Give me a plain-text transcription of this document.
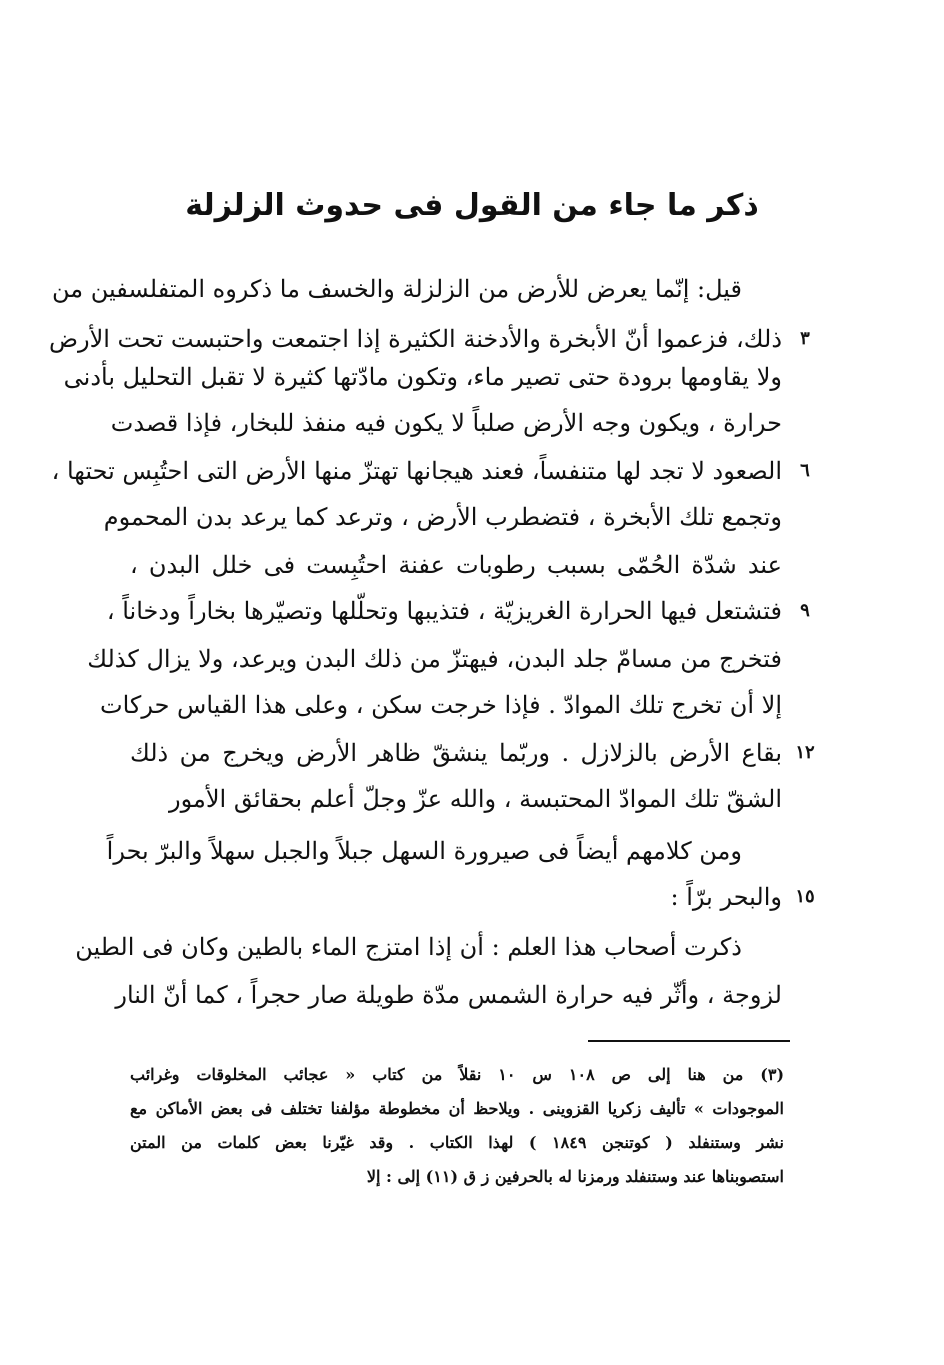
ذكر ما جاء من القول فى حدوث الزلزلة
قيل: إنّما يعرض للأرض من الزلزلة والخسف ما ذكروه المتفلسفين من
ذلك، فزعموا أنّ الأبخرة والأدخنة الكثيرة إذا اجتمعت واحتبست تحت الأرض	٣
ولا يقاومها برودة حتى تصير ماء، وتكون مادّتها كثيرة لا تقبل التحليل بأدنى
حرارة ، ويكون وجه الأرض صلباً لا يكون فيه منفذ للبخار، فإذا قصدت
الصعود لا تجد لها متنفساً، فعند هيجانها تهتزّ منها الأرض التى احتُبِس تحتها ،	٦
وتجمع تلك الأبخرة ، فتضطرب الأرض ، وترعد كما يرعد بدن المحموم
عند شدّة الحُمّى بسبب رطوبات عفنة احتُبِست فى خلل البدن ،
فتشتعل فيها الحرارة الغريزيّة ، فتذيبها وتحلّلها وتصيّرها بخاراً ودخاناً ،	٩
فتخرج من مسامّ جلد البدن، فيهتزّ من ذلك البدن ويرعد، ولا يزال كذلك
إلا أن تخرج تلك الموادّ . فإذا خرجت سكن ، وعلى هذا القياس حركات
بقاع الأرض بالزلازل . وربّما ينشقّ ظاهر الأرض ويخرج من ذلك ١٢
الشقّ تلك الموادّ المحتبسة ، والله عزّ وجلّ أعلم بحقائق الأمور
ومن كلامهم أيضاً فى صيرورة السهل جبلاً والجبل سهلاً والبرّ بحراً
والبحر برّاً : ١٥
ذكرت أصحاب هذا العلم : أن إذا امتزج الماء بالطين وكان فى الطين
لزوجة ، وأثّر فيه حرارة الشمس مدّة طويلة صار حجراً ، كما أنّ النار
(٣) من هنا إلى ص ١٠٨ س ١٠ نقلاً من كتاب « عجائب المخلوقات وغرائب
الموجودات » تأليف زكريا القزوينى . ويلاحظ أن مخطوطة مؤلفنا تختلف فى بعض الأماكن مع
نشر وستنفلد ( كوتنجن ١٨٤٩ ) لهذا الكتاب . وقد غيّرنا بعض كلمات من المتن
استصوبناها عند وستنفلد ورمزنا له بالحرفين ز ق (١١) إلى : إلا
